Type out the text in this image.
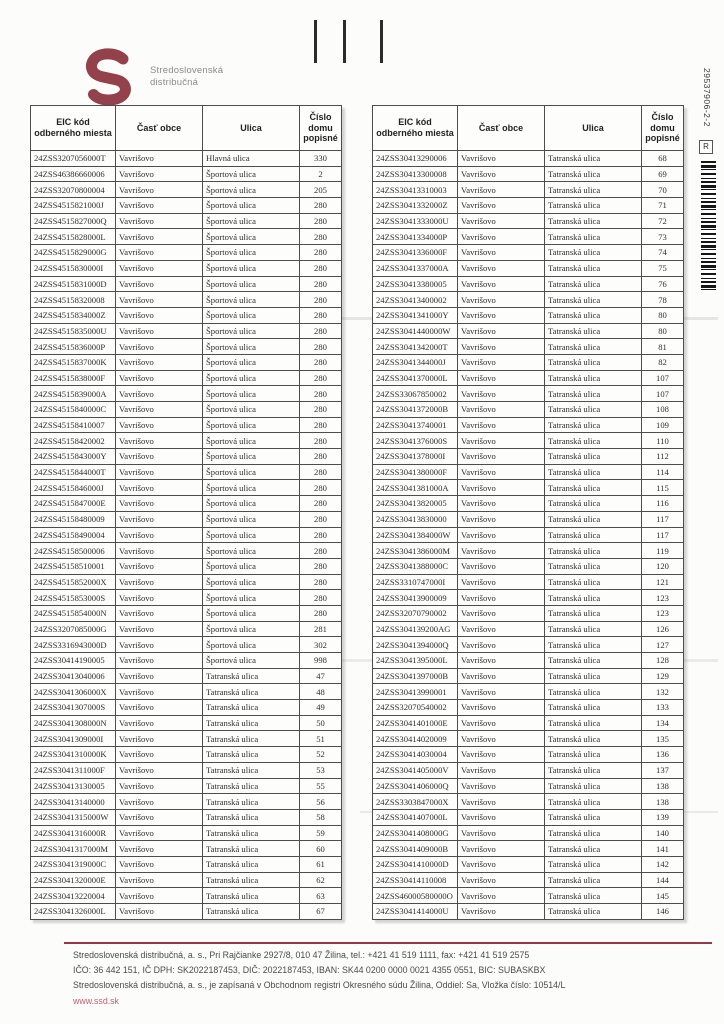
Stredoslovenská
distribučná	29537906-2-2
R
EIC kód odberného miesta	Časť obce	Ulica	Číslo domu popisné
24ZSS3207056000T	Vavrišovo	Hlavná ulica	330
24ZSS46386660006	Vavrišovo	Športová ulica	2
24ZSS32070800004	Vavrišovo	Športová ulica	205
24ZSS4515821000J	Vavrišovo	Športová ulica	280
24ZSS4515827000Q	Vavrišovo	Športová ulica	280
24ZSS4515828000L	Vavrišovo	Športová ulica	280
24ZSS4515829000G	Vavrišovo	Športová ulica	280
24ZSS4515830000I	Vavrišovo	Športová ulica	280
24ZSS4515831000D	Vavrišovo	Športová ulica	280
24ZSS45158320008	Vavrišovo	Športová ulica	280
24ZSS4515834000Z	Vavrišovo	Športová ulica	280
24ZSS4515835000U	Vavrišovo	Športová ulica	280
24ZSS4515836000P	Vavrišovo	Športová ulica	280
24ZSS4515837000K	Vavrišovo	Športová ulica	280
24ZSS4515838000F	Vavrišovo	Športová ulica	280
24ZSS4515839000A	Vavrišovo	Športová ulica	280
24ZSS4515840000C	Vavrišovo	Športová ulica	280
24ZSS45158410007	Vavrišovo	Športová ulica	280
24ZSS45158420002	Vavrišovo	Športová ulica	280
24ZSS4515843000Y	Vavrišovo	Športová ulica	280
24ZSS4515844000T	Vavrišovo	Športová ulica	280
24ZSS4515846000J	Vavrišovo	Športová ulica	280
24ZSS4515847000E	Vavrišovo	Športová ulica	280
24ZSS45158480009	Vavrišovo	Športová ulica	280
24ZSS45158490004	Vavrišovo	Športová ulica	280
24ZSS45158500006	Vavrišovo	Športová ulica	280
24ZSS45158510001	Vavrišovo	Športová ulica	280
24ZSS4515852000X	Vavrišovo	Športová ulica	280
24ZSS4515853000S	Vavrišovo	Športová ulica	280
24ZSS4515854000N	Vavrišovo	Športová ulica	280
24ZSS3207085000G	Vavrišovo	Športová ulica	281
24ZSS3316943000D	Vavrišovo	Športová ulica	302
24ZSS30414190005	Vavrišovo	Športová ulica	998
24ZSS30413040006	Vavrišovo	Tatranská ulica	47
24ZSS3041306000X	Vavrišovo	Tatranská ulica	48
24ZSS3041307000S	Vavrišovo	Tatranská ulica	49
24ZSS3041308000N	Vavrišovo	Tatranská ulica	50
24ZSS3041309000I	Vavrišovo	Tatranská ulica	51
24ZSS3041310000K	Vavrišovo	Tatranská ulica	52
24ZSS3041311000F	Vavrišovo	Tatranská ulica	53
24ZSS30413130005	Vavrišovo	Tatranská ulica	55
24ZSS30413140000	Vavrišovo	Tatranská ulica	56
24ZSS3041315000W	Vavrišovo	Tatranská ulica	58
24ZSS3041316000R	Vavrišovo	Tatranská ulica	59
24ZSS3041317000M	Vavrišovo	Tatranská ulica	60
24ZSS3041319000C	Vavrišovo	Tatranská ulica	61
24ZSS3041320000E	Vavrišovo	Tatranská ulica	62
24ZSS30413220004	Vavrišovo	Tatranská ulica	63
24ZSS3041326000L	Vavrišovo	Tatranská ulica	67
EIC kód odberného miesta	Časť obce	Ulica	Číslo domu popisné
24ZSS30413290006	Vavrišovo	Tatranská ulica	68
24ZSS30413300008	Vavrišovo	Tatranská ulica	69
24ZSS30413310003	Vavrišovo	Tatranská ulica	70
24ZSS3041332000Z	Vavrišovo	Tatranská ulica	71
24ZSS3041333000U	Vavrišovo	Tatranská ulica	72
24ZSS3041334000P	Vavrišovo	Tatranská ulica	73
24ZSS3041336000F	Vavrišovo	Tatranská ulica	74
24ZSS3041337000A	Vavrišovo	Tatranská ulica	75
24ZSS30413380005	Vavrišovo	Tatranská ulica	76
24ZSS30413400002	Vavrišovo	Tatranská ulica	78
24ZSS3041341000Y	Vavrišovo	Tatranská ulica	80
24ZSS3041440000W	Vavrišovo	Tatranská ulica	80
24ZSS3041342000T	Vavrišovo	Tatranská ulica	81
24ZSS3041344000J	Vavrišovo	Tatranská ulica	82
24ZSS3041370000L	Vavrišovo	Tatranská ulica	107
24ZSS33067850002	Vavrišovo	Tatranská ulica	107
24ZSS3041372000B	Vavrišovo	Tatranská ulica	108
24ZSS30413740001	Vavrišovo	Tatranská ulica	109
24ZSS3041376000S	Vavrišovo	Tatranská ulica	110
24ZSS3041378000I	Vavrišovo	Tatranská ulica	112
24ZSS3041380000F	Vavrišovo	Tatranská ulica	114
24ZSS3041381000A	Vavrišovo	Tatranská ulica	115
24ZSS30413820005	Vavrišovo	Tatranská ulica	116
24ZSS30413830000	Vavrišovo	Tatranská ulica	117
24ZSS3041384000W	Vavrišovo	Tatranská ulica	117
24ZSS3041386000M	Vavrišovo	Tatranská ulica	119
24ZSS3041388000C	Vavrišovo	Tatranská ulica	120
24ZSS3310747000I	Vavrišovo	Tatranská ulica	121
24ZSS30413900009	Vavrišovo	Tatranská ulica	123
24ZSS32070790002	Vavrišovo	Tatranská ulica	123
24ZSS304139200AG	Vavrišovo	Tatranská ulica	126
24ZSS3041394000Q	Vavrišovo	Tatranská ulica	127
24ZSS3041395000L	Vavrišovo	Tatranská ulica	128
24ZSS3041397000B	Vavrišovo	Tatranská ulica	129
24ZSS30413990001	Vavrišovo	Tatranská ulica	132
24ZSS32070540002	Vavrišovo	Tatranská ulica	133
24ZSS3041401000E	Vavrišovo	Tatranská ulica	134
24ZSS30414020009	Vavrišovo	Tatranská ulica	135
24ZSS30414030004	Vavrišovo	Tatranská ulica	136
24ZSS3041405000V	Vavrišovo	Tatranská ulica	137
24ZSS3041406000Q	Vavrišovo	Tatranská ulica	138
24ZSS3303847000X	Vavrišovo	Tatranská ulica	138
24ZSS3041407000L	Vavrišovo	Tatranská ulica	139
24ZSS3041408000G	Vavrišovo	Tatranská ulica	140
24ZSS3041409000B	Vavrišovo	Tatranská ulica	141
24ZSS3041410000D	Vavrišovo	Tatranská ulica	142
24ZSS30414110008	Vavrišovo	Tatranská ulica	144
24ZSS46000580000O	Vavrišovo	Tatranská ulica	145
24ZSS3041414000U	Vavrišovo	Tatranská ulica	146
Stredoslovenská distribučná, a. s., Pri Rajčianke 2927/8, 010 47 Žilina, tel.: +421 41 519 1111, fax: +421 41 519 2575
IČO: 36 442 151, IČ DPH: SK2022187453, DIČ: 2022187453, IBAN: SK44 0200 0000 0021 4355 0551, BIC: SUBASKBX
Stredoslovenská distribučná, a. s., je zapísaná v Obchodnom registri Okresného súdu Žilina, Oddiel: Sa, Vložka číslo: 10514/L
www.ssd.sk
